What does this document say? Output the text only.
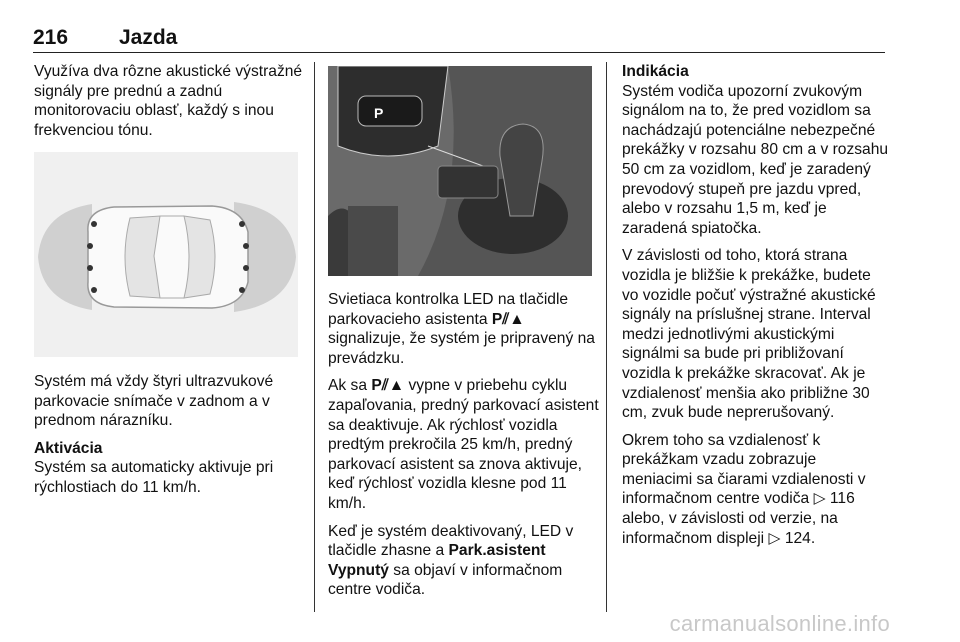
216 Jazda

Využíva dva rôzne akustické výstražné signály pre prednú a zadnú monitorovaciu oblasť, každý s inou frekvenciou tónu.

Systém má vždy štyri ultrazvukové parkovacie snímače v zadnom a v prednom nárazníku.

Aktivácia

Systém sa automaticky aktivuje pri rýchlostiach do 11 km/h.

P

Svietiaca kontrolka LED na tlačidle parkovacieho asistenta P⫽▲ signalizuje, že systém je pripravený na prevádzku.

Ak sa P⫽▲ vypne v priebehu cyklu zapaľovania, predný parkovací asistent sa deaktivuje. Ak rýchlosť vozidla predtým prekročila 25 km/h, predný parkovací asistent sa znova aktivuje, keď rýchlosť vozidla klesne pod 11 km/h.

Keď je systém deaktivovaný, LED v tlačidle zhasne a Park.asistent Vypnutý sa objaví v informačnom centre vodiča.

Indikácia

Systém vodiča upozorní zvukovým signálom na to, že pred vozidlom sa nachádzajú potenciálne nebezpečné prekážky v rozsahu 80 cm a v rozsahu 50 cm za vozidlom, keď je zaradený prevodový stupeň pre jazdu vpred, alebo v rozsahu 1,5 m, keď je zaradená spiatočka.

V závislosti od toho, ktorá strana vozidla je bližšie k prekážke, budete vo vozidle počuť výstražné akustické signály na príslušnej strane. Interval medzi jednotlivými akustickými signálmi sa bude pri približovaní vozidla k prekážke skracovať. Ak je vzdialenosť menšia ako približne 30 cm, zvuk bude neprerušovaný.

Okrem toho sa vzdialenosť k prekážkam vzadu zobrazuje meniacimi sa čiarami vzdialenosti v informačnom centre vodiča ▷ 116 alebo, v závislosti od verzie, na informačnom displeji ▷ 124.

carmanualsonline.info
